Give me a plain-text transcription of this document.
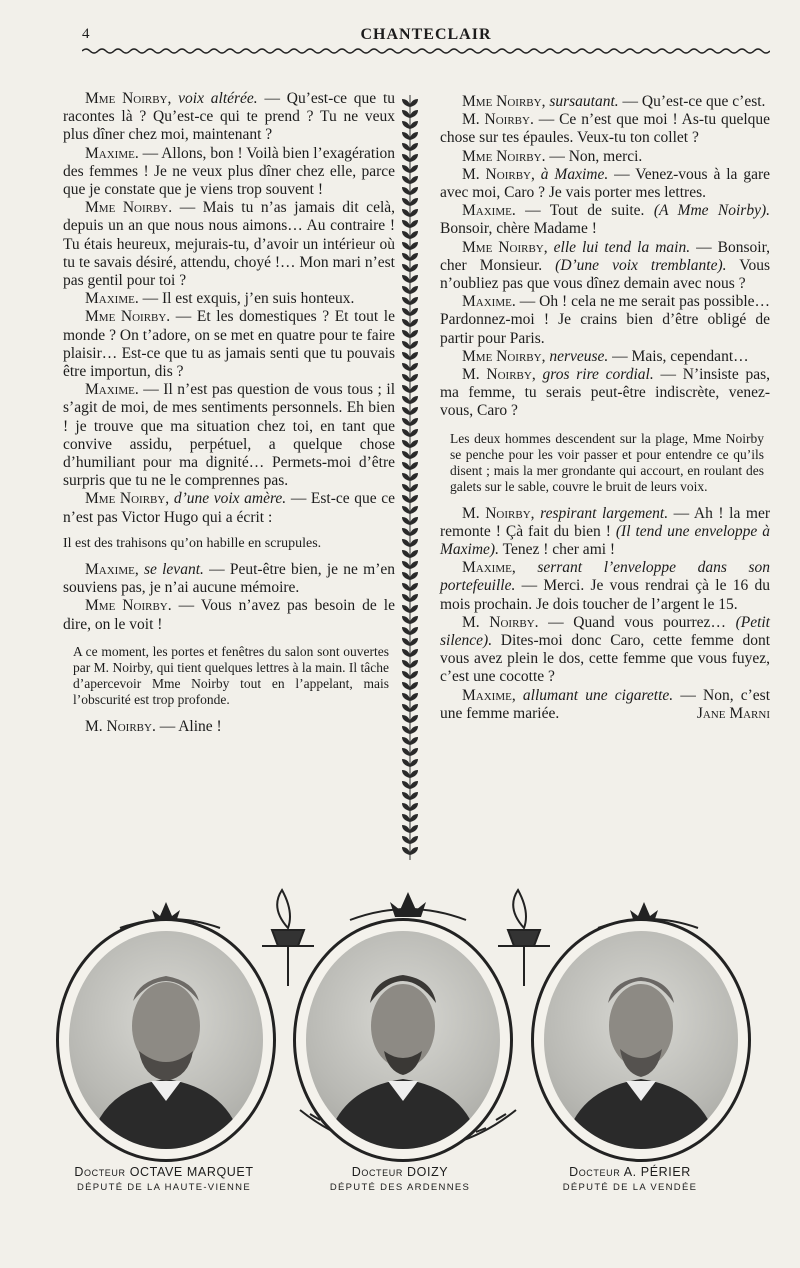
4	CHANTECLAIR

Mme Noirby, voix altérée. — Qu’est-ce que tu racontes là ? Qu’est-ce qui te prend ? Tu ne veux plus dîner chez moi, maintenant ?

Maxime. — Allons, bon ! Voilà bien l’exagération des femmes ! Je ne veux plus dîner chez elle, parce que je constate que je viens trop souvent !

Mme Noirby. — Mais tu n’as jamais dit celà, depuis un an que nous nous aimons… Au contraire ! Tu étais heureux, mejurais-tu, d’avoir un intérieur où tu te savais désiré, attendu, choyé !… Mon mari n’est pas gentil pour toi ?

Maxime. — Il est exquis, j’en suis honteux.

Mme Noirby. — Et les domestiques ? Et tout le monde ? On t’adore, on se met en quatre pour te faire plaisir… Est-ce que tu as jamais senti que tu pouvais être importun, dis ?

Maxime. — Il n’est pas question de vous tous ; il s’agit de moi, de mes sentiments personnels. Eh bien ! je trouve que ma situation chez toi, en tant que convive assidu, perpétuel, a quelque chose d’humiliant pour ma dignité… Permets-moi d’être surpris que tu ne le comprennes pas.

Mme Noirby, d’une voix amère. — Est-ce que ce n’est pas Victor Hugo qui a écrit :

Il est des trahisons qu’on habille en scrupules.

Maxime, se levant. — Peut-être bien, je ne m’en souviens pas, je n’ai aucune mémoire.

Mme Noirby. — Vous n’avez pas besoin de le dire, on le voit !

A ce moment, les portes et fenêtres du salon sont ouvertes par M. Noirby, qui tient quelques lettres à la main. Il tâche d’apercevoir Mme Noirby tout en l’appelant, mais l’obscurité est trop profonde.

M. Noirby. — Aline !

Mme Noirby, sursautant. — Qu’est-ce que c’est.

M. Noirby. — Ce n’est que moi ! As-tu quelque chose sur tes épaules. Veux-tu ton collet ?

Mme Noirby. — Non, merci.

M. Noirby, à Maxime. — Venez-vous à la gare avec moi, Caro ? Je vais porter mes lettres.

Maxime. — Tout de suite. (A Mme Noirby). Bonsoir, chère Madame !

Mme Noirby, elle lui tend la main. — Bonsoir, cher Monsieur. (D’une voix tremblante). Vous n’oubliez pas que vous dînez demain avec nous ?

Maxime. — Oh ! cela ne me serait pas possible… Pardonnez-moi ! Je crains bien d’être obligé de partir pour Paris.

Mme Noirby, nerveuse. — Mais, cependant…

M. Noirby, gros rire cordial. — N’insiste pas, ma femme, tu serais peut-être indiscrète, venez-vous, Caro ?

Les deux hommes descendent sur la plage, Mme Noirby se penche pour les voir passer et pour entendre ce qu’ils disent ; mais la mer grondante qui accourt, en roulant des galets sur le sable, couvre le bruit de leurs voix.

M. Noirby, respirant largement. — Ah ! la mer remonte ! Çà fait du bien ! (Il tend une enveloppe à Maxime). Tenez ! cher ami !

Maxime, serrant l’enveloppe dans son portefeuille. — Merci. Je vous rendrai çà le 16 du mois prochain. Je dois toucher de l’argent le 15.

M. Noirby. — Quand vous pourrez… (Petit silence). Dites-moi donc Caro, cette femme dont vous avez plein le dos, cette femme que vous fuyez, c’est une cocotte ?

Maxime, allumant une cigarette. — Non, c’est une femme mariée.	Jane Marni

Docteur OCTAVE MARQUET
DÉPUTÉ DE LA HAUTE-VIENNE
Docteur DOIZY
DÉPUTÉ DES ARDENNES
Docteur A. PÉRIER
DÉPUTÉ DE LA VENDÉE
